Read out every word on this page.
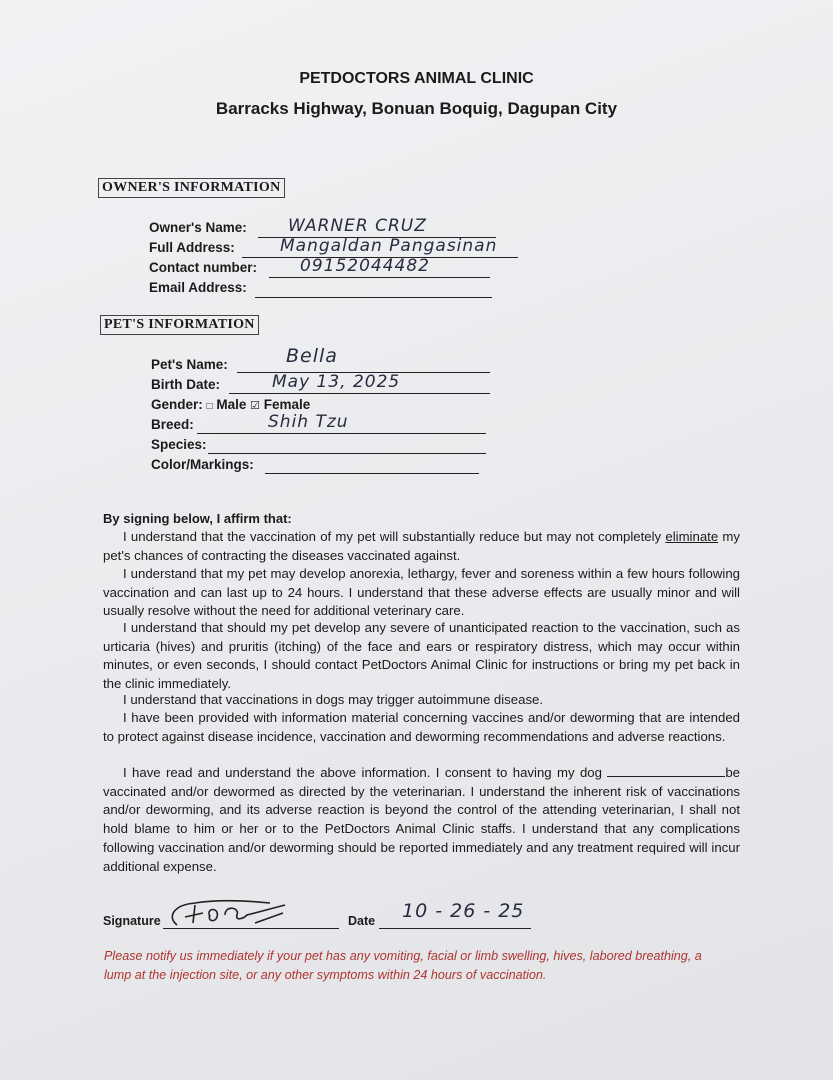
PETDOCTORS ANIMAL CLINIC
Barracks Highway, Bonuan Boquig, Dagupan City
OWNER'S INFORMATION
Owner's Name: WARNER CRUZ
Full Address:	Mangaldan Pangasinan
Contact number:	09152044482
Email Address:
PET'S INFORMATION
Pet's Name:	Bella
Birth Date:	May 13, 2025
Gender: □ Male ☑ Female
Breed:	Shih Tzu
Species:
Color/Markings:
By signing below, I affirm that:
I understand that the vaccination of my pet will substantially reduce but may not completely eliminate my pet's chances of contracting the diseases vaccinated against.
I understand that my pet may develop anorexia, lethargy, fever and soreness within a few hours following vaccination and can last up to 24 hours. I understand that these adverse effects are usually minor and will usually resolve without the need for additional veterinary care.
I understand that should my pet develop any severe of unanticipated reaction to the vaccination, such as urticaria (hives) and pruritis (itching) of the face and ears or respiratory distress, which may occur within minutes, or even seconds, I should contact PetDoctors Animal Clinic for instructions or bring my pet back in the clinic immediately.
I understand that vaccinations in dogs may trigger autoimmune disease.
I have been provided with information material concerning vaccines and/or deworming that are intended to protect against disease incidence, vaccination and deworming recommendations and adverse reactions.
I have read and understand the above information. I consent to having my dog	be vaccinated and/or dewormed as directed by the veterinarian. I understand the inherent risk of vaccinations and/or deworming, and its adverse reaction is beyond the control of the attending veterinarian, I shall not hold blame to him or her or to the PetDoctors Animal Clinic staffs. I understand that any complications following vaccination and/or deworming should be reported immediately and any treatment required will incur additional expense.
Signature	Date 10 - 26 - 25
Please notify us immediately if your pet has any vomiting, facial or limb swelling, hives, labored breathing, a lump at the injection site, or any other symptoms within 24 hours of vaccination.
